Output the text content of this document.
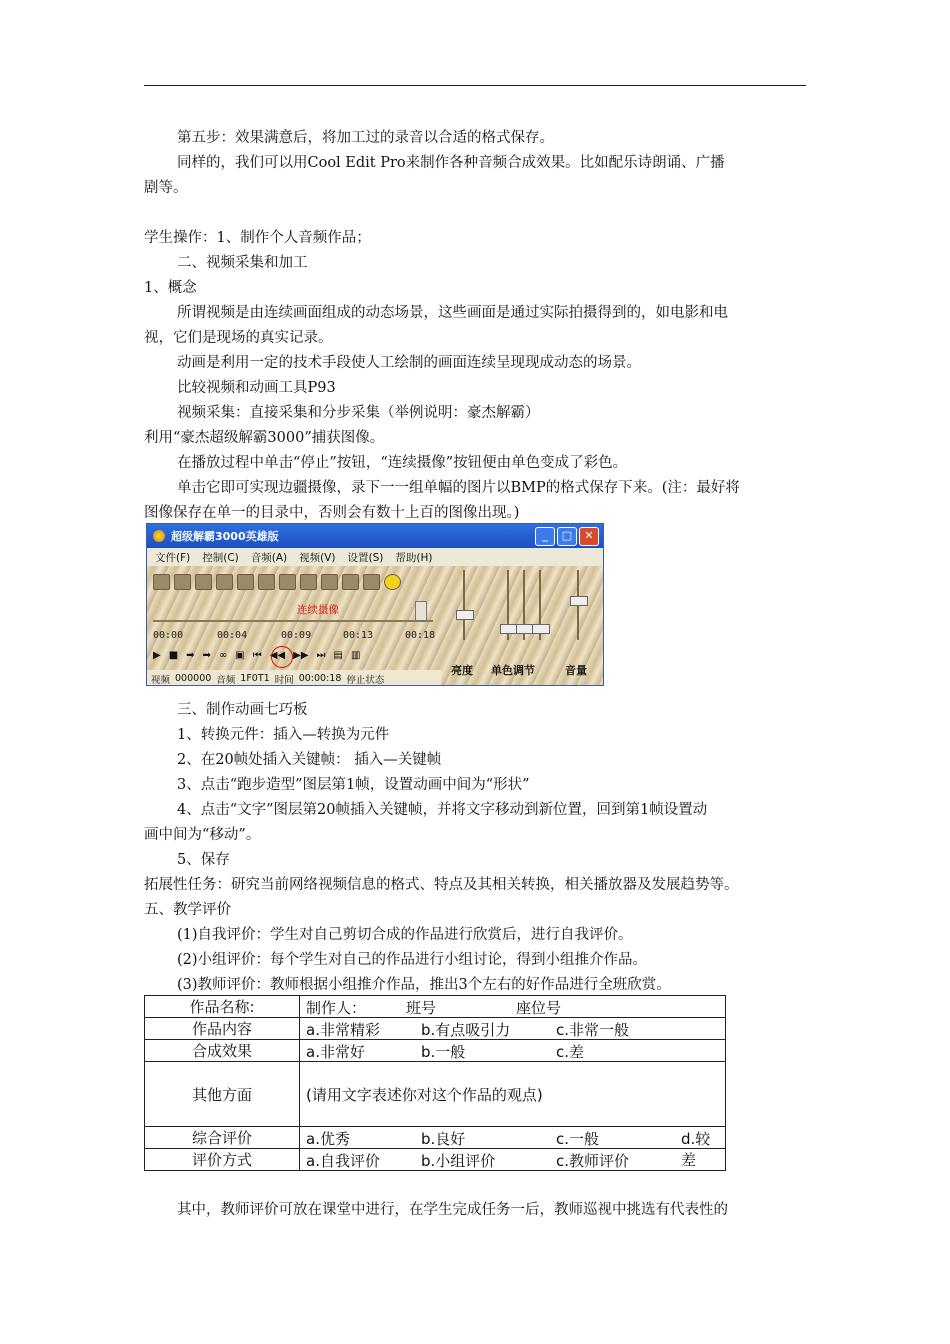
第五步：效果满意后，将加工过的录音以合适的格式保存。
同样的，我们可以用Cool Edit Pro来制作各种音频合成效果。比如配乐诗朗诵、广播
剧等。
学生操作：1、制作个人音频作品；
二、视频采集和加工
1、概念
所谓视频是由连续画面组成的动态场景，这些画面是通过实际拍摄得到的，如电影和电
视，它们是现场的真实记录。
动画是利用一定的技术手段使人工绘制的画面连续呈现现成动态的场景。
比较视频和动画工具P93
视频采集：直接采集和分步采集（举例说明：豪杰解霸）
利用“豪杰超级解霸3000”捕获图像。
在播放过程中单击“停止”按钮，“连续摄像”按钮便由单色变成了彩色。
单击它即可实现边疆摄像，录下一一组单幅的图片以BMP的格式保存下来。(注：最好将
图像保存在单一的目录中，否则会有数十上百的图像出现。)
三、制作动画七巧板
1、转换元件：插入—转换为元件
2、在20帧处插入关键帧： 插入—关键帧
3、点击“跑步造型”图层第1帧，设置动画中间为“形状”
4、点击“文字”图层第20帧插入关键帧，并将文字移动到新位置，回到第1帧设置动
画中间为“移动”。
5、保存
拓展性任务：研究当前网络视频信息的格式、特点及其相关转换，相关播放器及发展趋势等。
五、教学评价
(1)自我评价：学生对自己剪切合成的作品进行欣赏后，进行自我评价。
(2)小组评价：每个学生对自己的作品进行小组讨论，得到小组推介作品。
(3)教师评价：教师根据小组推介作品，推出3个左右的好作品进行全班欣赏。
其中，教师评价可放在课堂中进行，在学生完成任务一后，教师巡视中挑选有代表性的
超级解霸3000英雄版	_	□	✕
文件(F) 控制(C) 音频(A) 视频(V) 设置(S) 帮助(H)
连续摄像
00:00	00:04	00:09	00:13	00:18
▶ ■ ➡ ➡ ∞ ▣ ⏮ ◀◀ ▶▶ ⏭ ▤ ▥
视频 000000 音频 1F0T1 时间 00:00:18 停止状态
亮度 单色调节	音量
作品名称:	制作人： 班号 座位号

作品内容	a.非常精彩 b.有点吸引力 c.非常一般

合成效果	a.非常好 b.一般 c.差

其他方面	(请用文字表述你对这个作品的观点)

综合评价	a.优秀 b.良好 c.一般 d.较差

评价方式	a.自我评价 b.小组评价 c.教师评价
